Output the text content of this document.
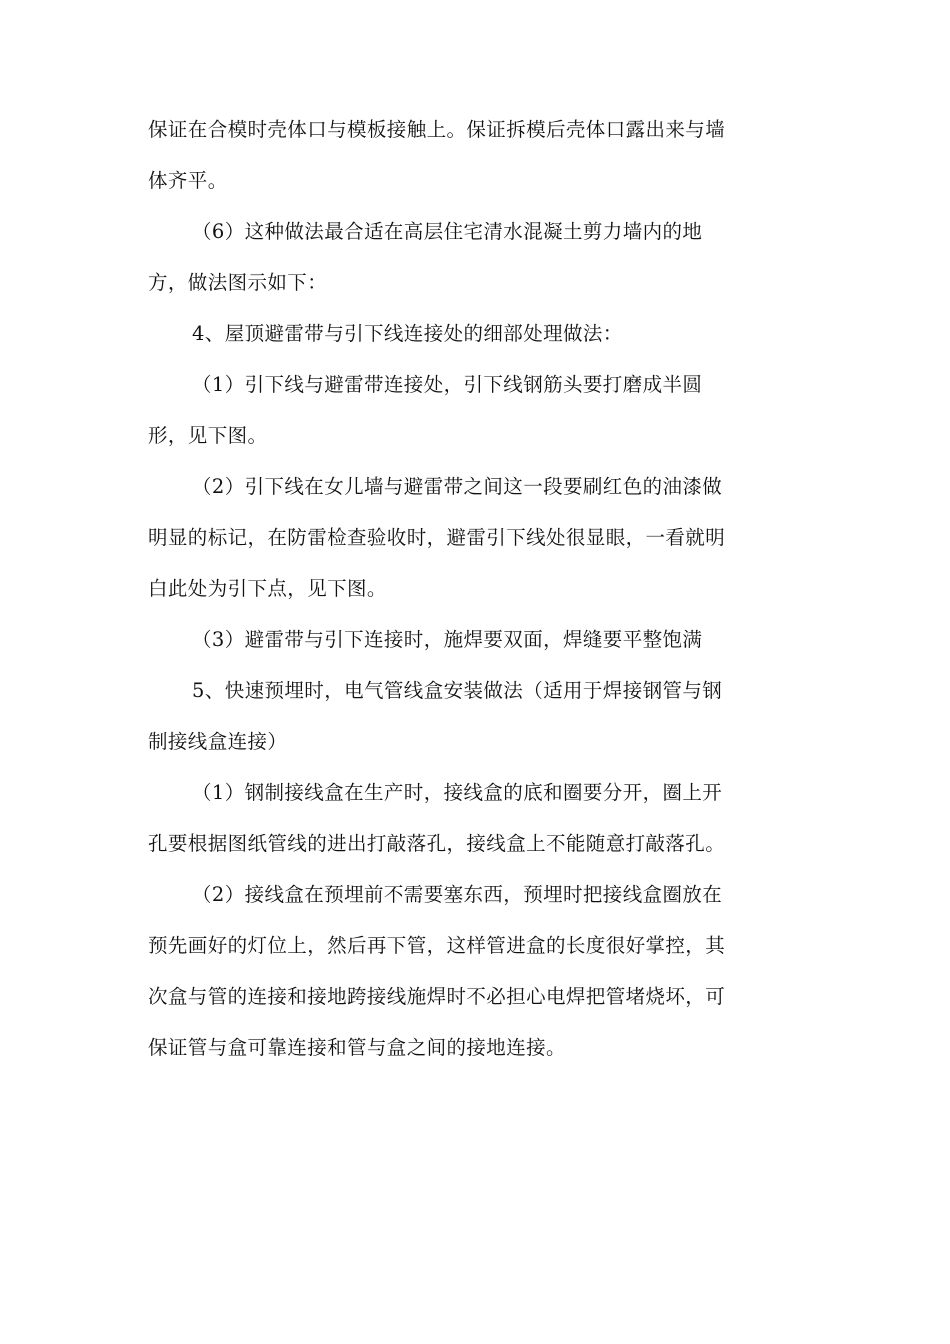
保证在合模时壳体口与模板接触上。保证拆模后壳体口露出来与墙
体齐平。
（6）这种做法最合适在高层住宅清水混凝土剪力墙内的地
方，做法图示如下：
4、屋顶避雷带与引下线连接处的细部处理做法：
（1）引下线与避雷带连接处，引下线钢筋头要打磨成半圆
形，见下图。
（2）引下线在女儿墙与避雷带之间这一段要刷红色的油漆做
明显的标记，在防雷检查验收时，避雷引下线处很显眼，一看就明
白此处为引下点，见下图。
（3）避雷带与引下连接时，施焊要双面，焊缝要平整饱满
5、快速预埋时，电气管线盒安装做法（适用于焊接钢管与钢
制接线盒连接）
（1）钢制接线盒在生产时，接线盒的底和圈要分开，圈上开
孔要根据图纸管线的进出打敲落孔，接线盒上不能随意打敲落孔。
（2）接线盒在预埋前不需要塞东西，预埋时把接线盒圈放在
预先画好的灯位上，然后再下管，这样管进盒的长度很好掌控，其
次盒与管的连接和接地跨接线施焊时不必担心电焊把管堵烧坏，可
保证管与盒可靠连接和管与盒之间的接地连接。
